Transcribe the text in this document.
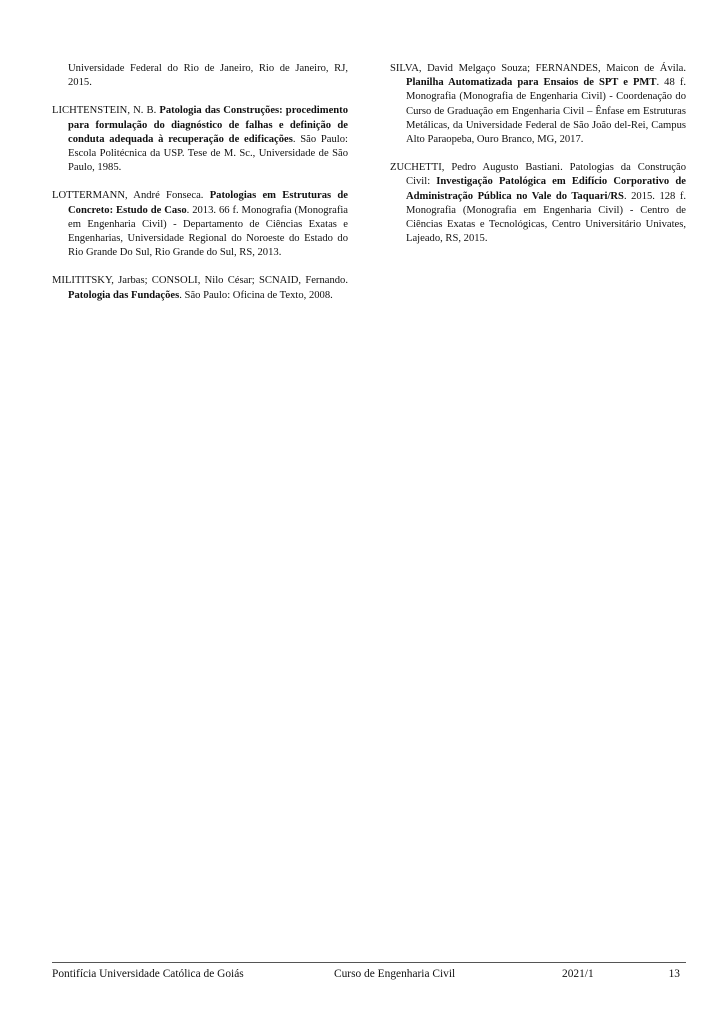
Universidade Federal do Rio de Janeiro, Rio de Janeiro, RJ, 2015.

LICHTENSTEIN, N. B. Patologia das Construções: procedimento para formulação do diagnóstico de falhas e definição de conduta adequada à recuperação de edificações. São Paulo: Escola Politécnica da USP. Tese de M. Sc., Universidade de São Paulo, 1985.

LOTTERMANN, André Fonseca. Patologias em Estruturas de Concreto: Estudo de Caso. 2013. 66 f. Monografia (Monografia em Engenharia Civil) - Departamento de Ciências Exatas e Engenharias, Universidade Regional do Noroeste do Estado do Rio Grande Do Sul, Rio Grande do Sul, RS, 2013.

MILITITSKY, Jarbas; CONSOLI, Nilo César; SCNAID, Fernando. Patologia das Fundações. São Paulo: Oficina de Texto, 2008.

SILVA, David Melgaço Souza; FERNANDES, Maicon de Ávila. Planilha Automatizada para Ensaios de SPT e PMT. 48 f. Monografia (Monografia de Engenharia Civil) - Coordenação do Curso de Graduação em Engenharia Civil – Ênfase em Estruturas Metálicas, da Universidade Federal de São João del-Rei, Campus Alto Paraopeba, Ouro Branco, MG, 2017.

ZUCHETTI, Pedro Augusto Bastiani. Patologias da Construção Civil: Investigação Patológica em Edifício Corporativo de Administração Pública no Vale do Taquari/RS. 2015. 128 f. Monografia (Monografia em Engenharia Civil) - Centro de Ciências Exatas e Tecnológicas, Centro Universitário Univates, Lajeado, RS, 2015.

Pontifícia Universidade Católica de Goiás	Curso de Engenharia Civil	2021/1	13
